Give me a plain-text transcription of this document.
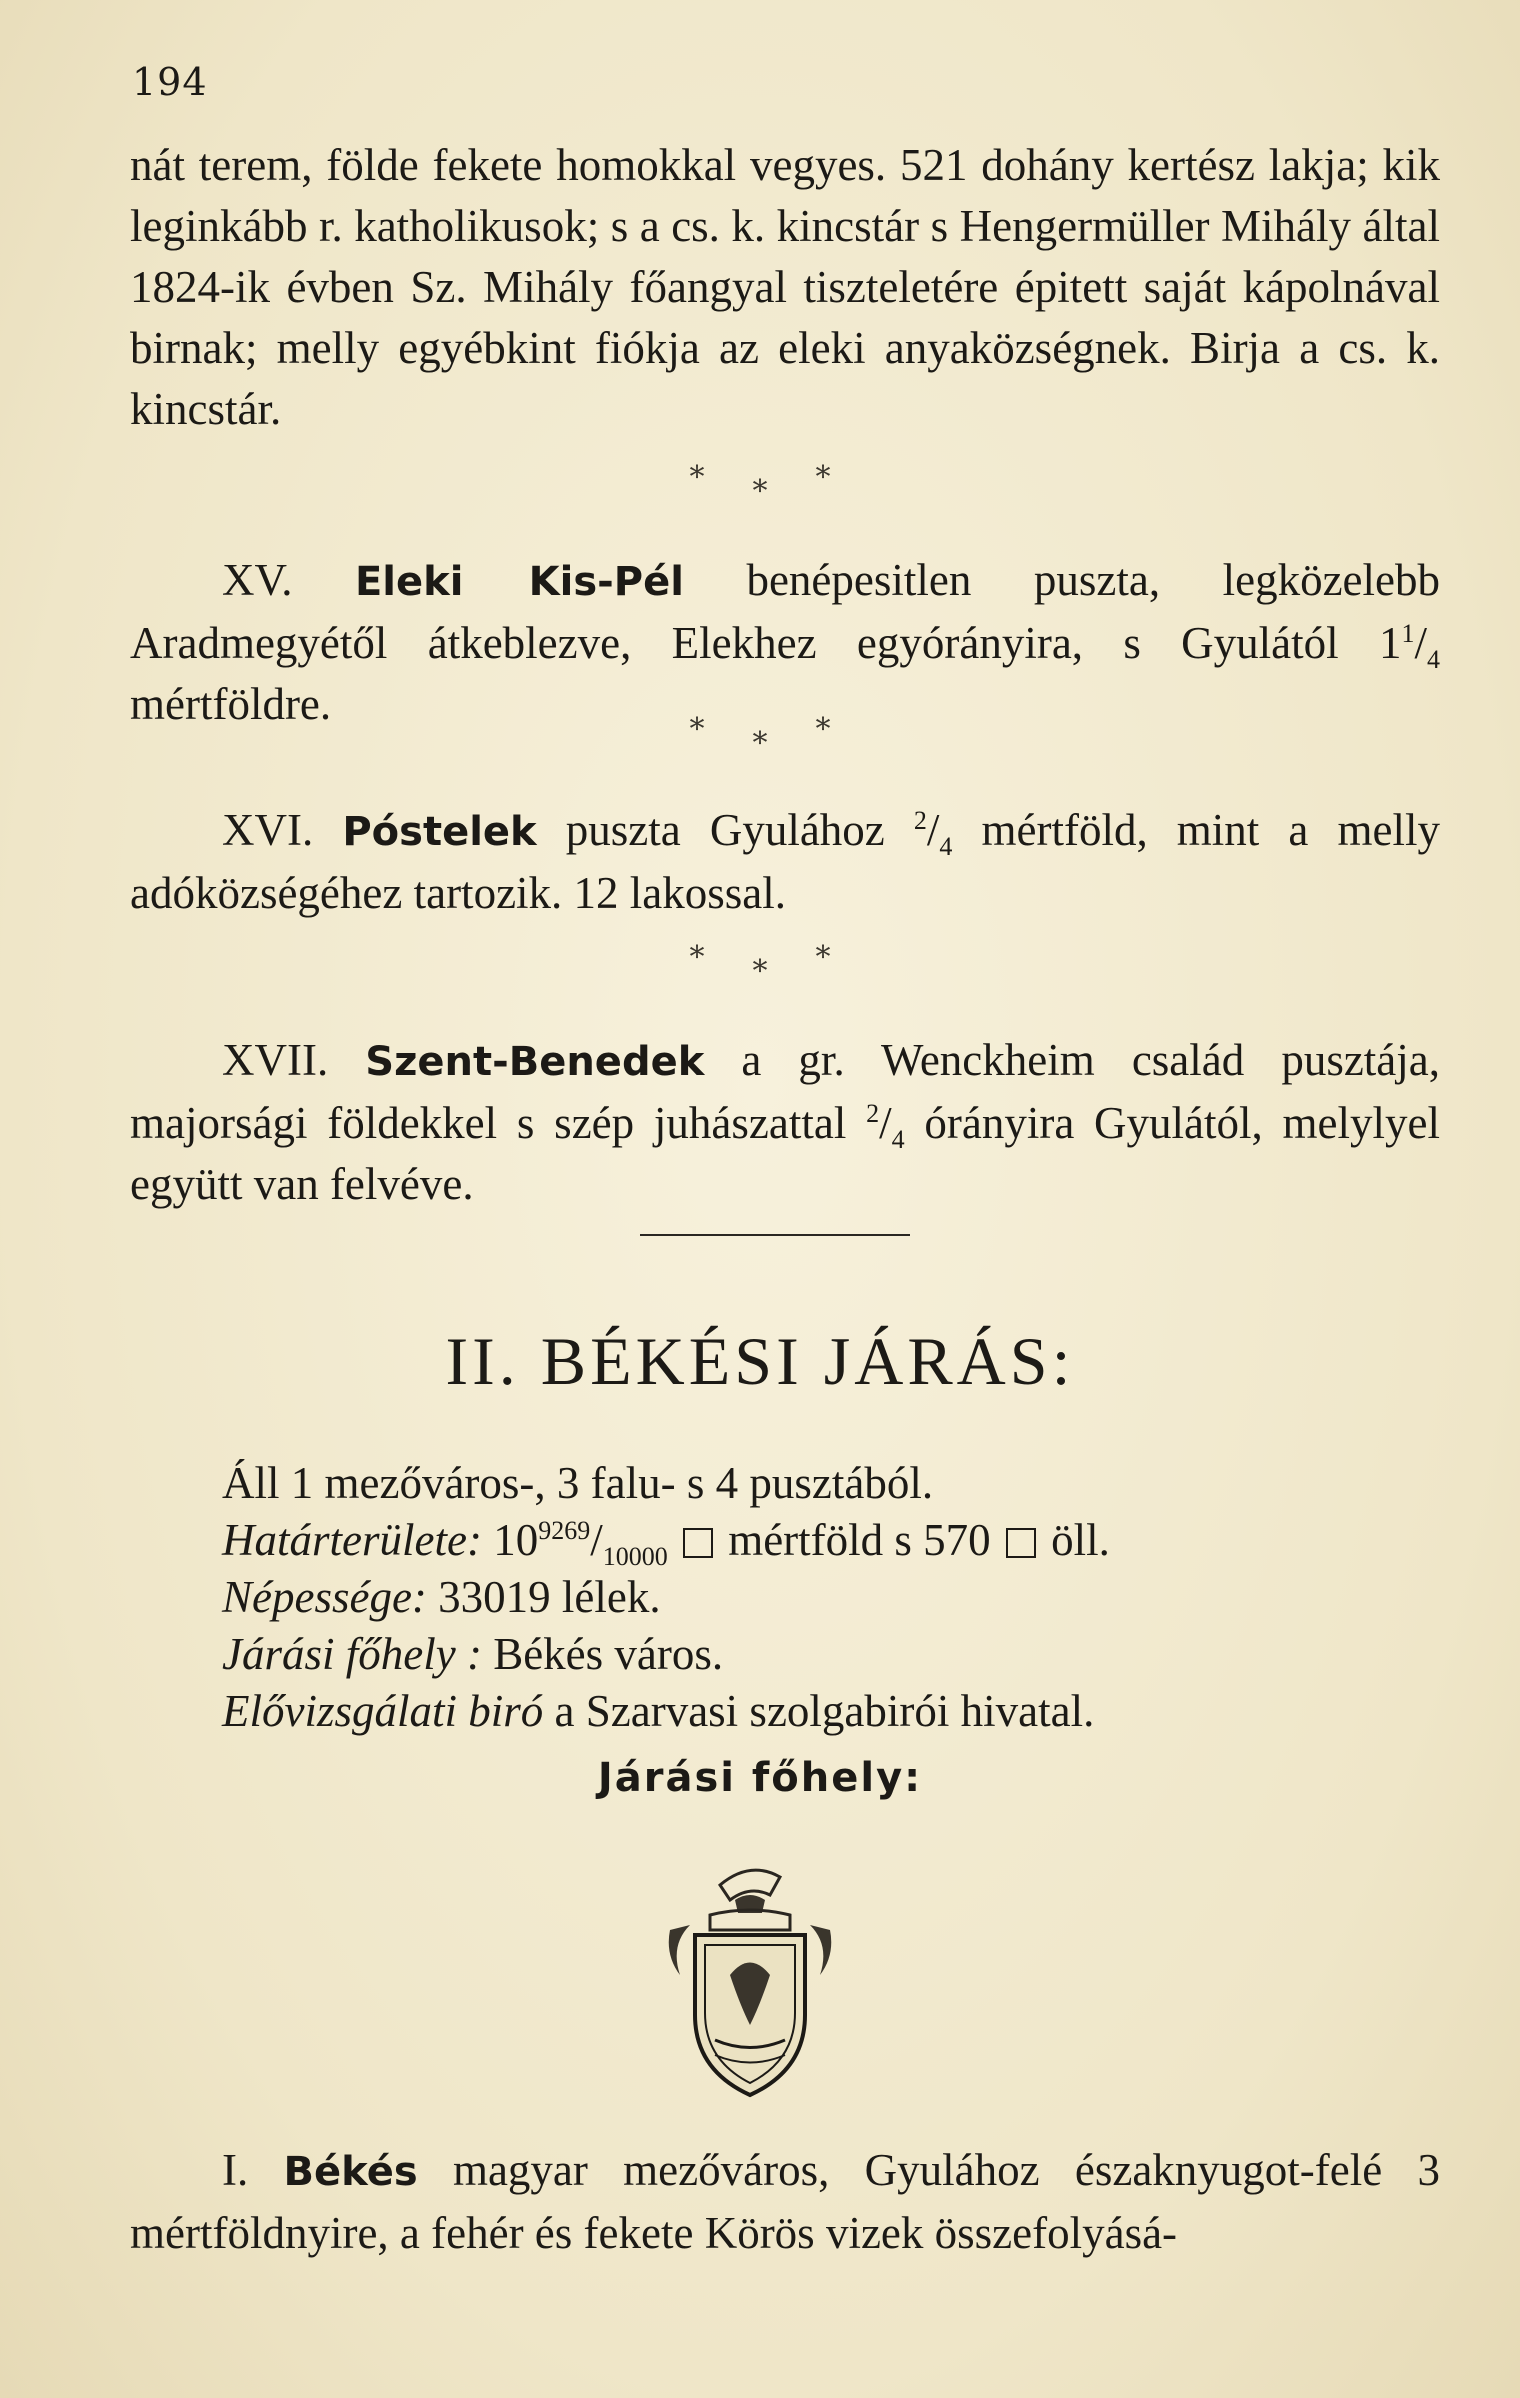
194

nát terem, földe fekete homokkal vegyes. 521 dohány kertész lakja; kik leginkább r. katholikusok; s a cs. k. kincstár s Hengermüller Mihály által 1824-ik évben Sz. Mihály főangyal tiszteletére épitett saját kápolnával birnak; melly egyébkint fiókja az eleki anyaközségnek. Birja a cs. k. kincstár.

* * *

XV. Eleki Kis-Pél benépesitlen puszta, legközelebb Aradmegyétől átkeblezve, Elekhez egyórányira, s Gyulától $1^1/_4$ mértföldre.

* * *

XVI. Póstelek puszta Gyulához $^2/_4$ mértföld, mint a melly adóközségéhez tartozik. 12 lakossal.

* * *

XVII. Szent-Benedek a gr. Wenckheim család pusztája, majorsági földekkel s szép juhászattal $^2/_4$ órányira Gyulától, melylyel együtt van felvéve.

II. BÉKÉSI JÁRÁS:
Áll 1 mezőváros-, 3 falu- s 4 pusztából.
Határterülete: $10^{9269}/_{10000}$ mértföld s 570 öll.
Népessége: 33019 lélek.
Járási főhely : Békés város.
Elővizsgálati biró a Szarvasi szolgabirói hivatal.
Járási főhely:

I. Békés magyar mezőváros, Gyulához északnyugot-felé 3 mértföldnyire, a fehér és fekete Körös vizek összefolyásá-
